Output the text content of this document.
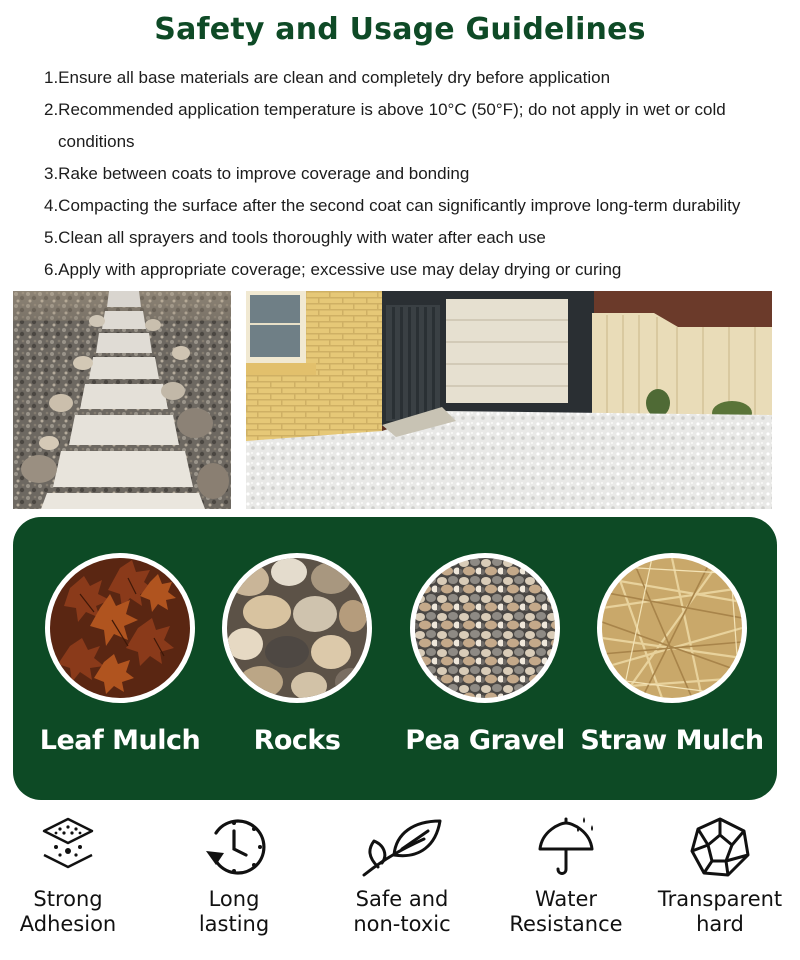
Safety and Usage Guidelines

1.Ensure all base materials are clean and completely dry before application

2.Recommended application temperature is above 10°C (50°F); do not apply in wet or cold
conditions

3.Rake between coats to improve coverage and bonding

4.Compacting the surface after the second coat can significantly improve long-term durability

5.Clean all sprayers and tools thoroughly with water after each use

6.Apply with appropriate coverage; excessive use may delay drying or curing

Leaf Mulch	Rocks	Pea Gravel Straw Mulch
Strong
Adhesion
Long
lasting
Safe and
non-toxic
Water
Resistance
Transparent
hard
